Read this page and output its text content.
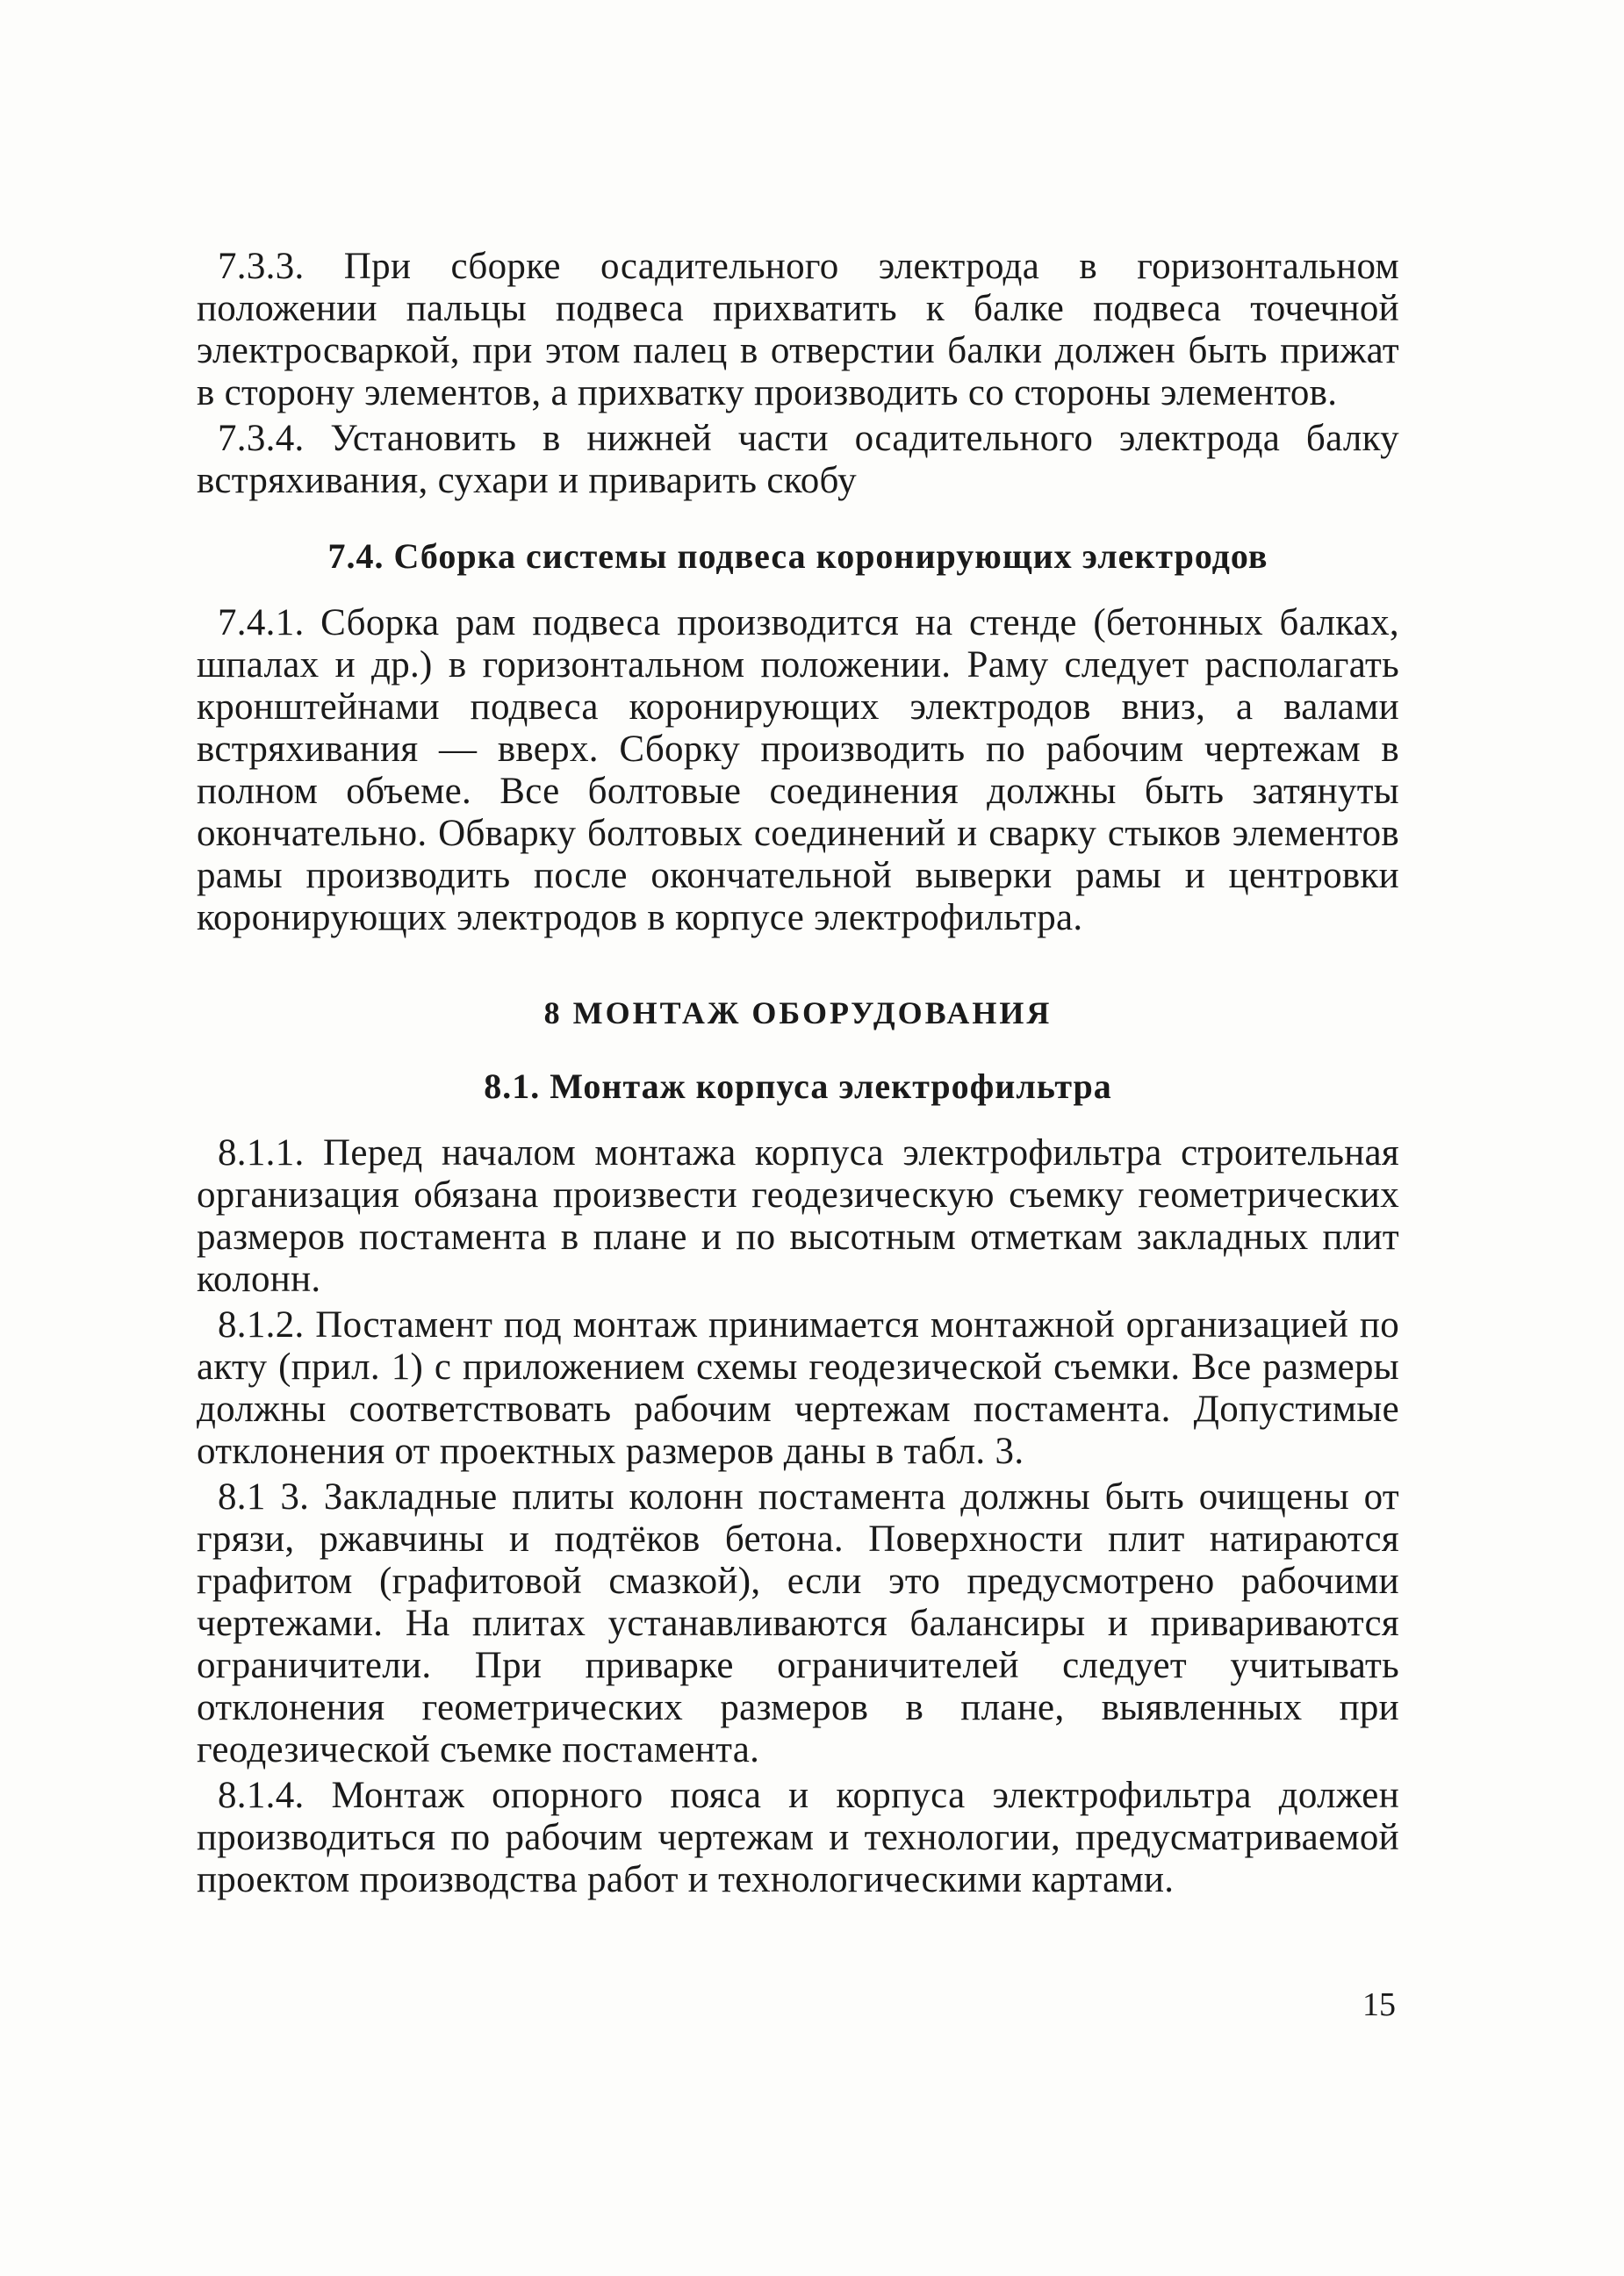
7.3.3. При сборке осадительного электрода в горизонтальном положении пальцы подвеса прихватить к балке подвеса точечной электросваркой, при этом палец в отверстии балки должен быть прижат в сторону элементов, а прихватку производить со стороны элементов.

7.3.4. Установить в нижней части осадительного электрода балку встряхивания, сухари и приварить скобу

7.4. Сборка системы подвеса коронирующих электродов

7.4.1. Сборка рам подвеса производится на стенде (бетонных балках, шпалах и др.) в горизонтальном положении. Раму следует располагать кронштейнами подвеса коронирующих электродов вниз, а валами встряхивания — вверх. Сборку производить по рабочим чертежам в полном объеме. Все болтовые соединения должны быть затянуты окончательно. Обварку болтовых соединений и сварку стыков элементов рамы производить после окончательной выверки рамы и центровки коронирующих электродов в корпусе электрофильтра.

8 МОНТАЖ ОБОРУДОВАНИЯ

8.1. Монтаж корпуса электрофильтра

8.1.1. Перед началом монтажа корпуса электрофильтра строительная организация обязана произвести геодезическую съемку геометрических размеров постамента в плане и по высотным отметкам закладных плит колонн.

8.1.2. Постамент под монтаж принимается монтажной организацией по акту (прил. 1) с приложением схемы геодезической съемки. Все размеры должны соответствовать рабочим чертежам постамента. Допустимые отклонения от проектных размеров даны в табл. 3.

8.1 3. Закладные плиты колонн постамента должны быть очищены от грязи, ржавчины и подтёков бетона. Поверхности плит натираются графитом (графитовой смазкой), если это предусмотрено рабочими чертежами. На плитах устанавливаются балансиры и привариваются ограничители. При приварке ограничителей следует учитывать отклонения геометрических размеров в плане, выявленных при геодезической съемке постамента.

8.1.4. Монтаж опорного пояса и корпуса электрофильтра должен производиться по рабочим чертежам и технологии, предусматриваемой проектом производства работ и технологическими картами.

15
